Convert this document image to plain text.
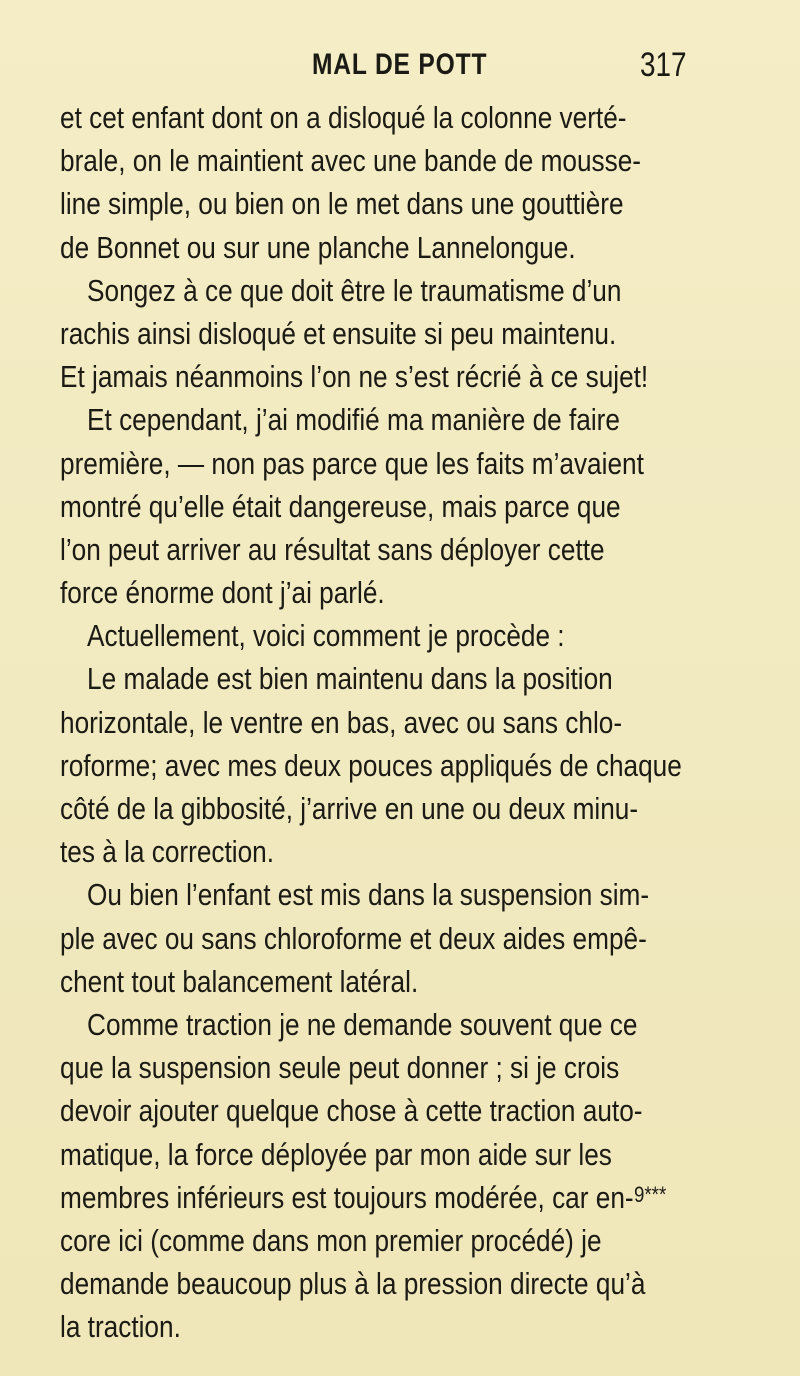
MAL DE POTT	317
et cet enfant dont on a disloqué la colonne verté-
brale, on le maintient avec une bande de mousse-
line simple, ou bien on le met dans une gouttière
de Bonnet ou sur une planche Lannelongue.
Songez à ce que doit être le traumatisme d’un
rachis ainsi disloqué et ensuite si peu maintenu.
Et jamais néanmoins l’on ne s’est récrié à ce sujet!
Et cependant, j’ai modifié ma manière de faire
première, — non pas parce que les faits m’avaient
montré qu’elle était dangereuse, mais parce que
l’on peut arriver au résultat sans déployer cette
force énorme dont j’ai parlé.
Actuellement, voici comment je procède :
Le malade est bien maintenu dans la position
horizontale, le ventre en bas, avec ou sans chlo-
roforme; avec mes deux pouces appliqués de chaque
côté de la gibbosité, j’arrive en une ou deux minu-
tes à la correction.
Ou bien l’enfant est mis dans la suspension sim-
ple avec ou sans chloroforme et deux aides empê-
chent tout balancement latéral.
Comme traction je ne demande souvent que ce
que la suspension seule peut donner ; si je crois
devoir ajouter quelque chose à cette traction auto-
matique, la force déployée par mon aide sur les
membres inférieurs est toujours modérée, car en-
core ici (comme dans mon premier procédé) je
demande beaucoup plus à la pression directe qu’à
la traction.
9***
